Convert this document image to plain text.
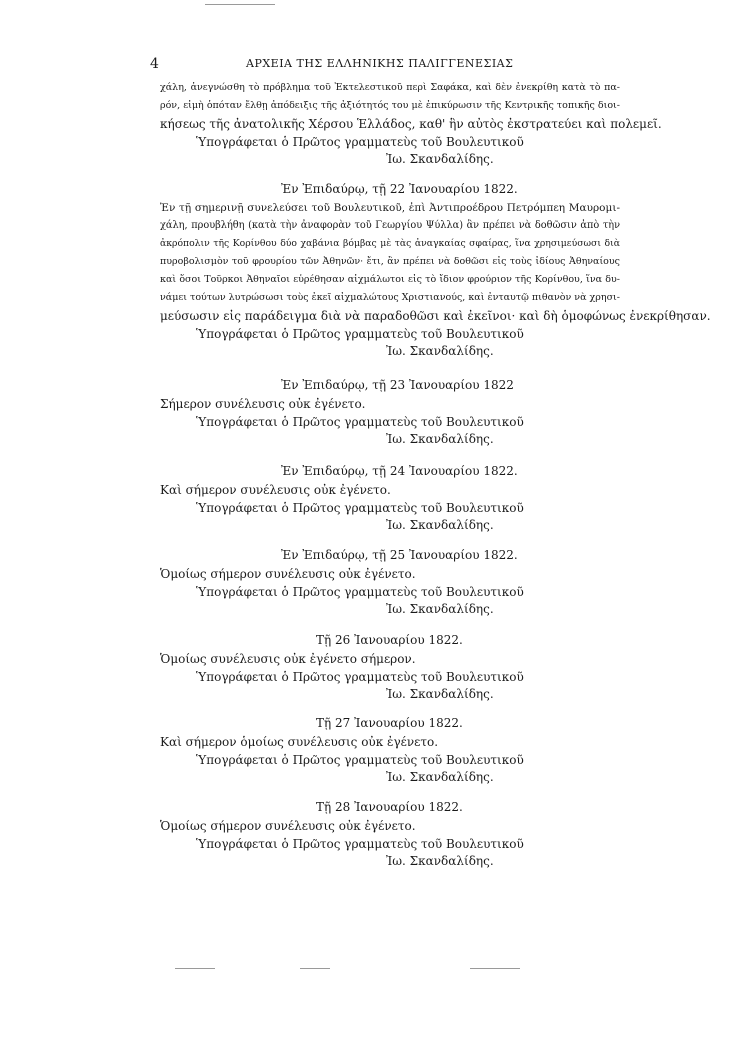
4	ΑΡΧΕΙΑ ΤΗΣ ΕΛΛΗΝΙΚΗΣ ΠΑΛΙΓΓΕΝΕΣΙΑΣ
χάλη, ἀνεγνώσθη τὸ πρόβλημα τοῦ Ἐκτελεστικοῦ περὶ Σαφάκα, καὶ δὲν ἐνεκρίθη κατὰ τὸ πα-
ρόν, εἰμὴ ὁπόταν ἔλθῃ ἀπόδειξις τῆς ἀξιότητός του μὲ ἐπικύρωσιν τῆς Κεντρικῆς τοπικῆς διοι-
κήσεως τῆς ἀνατολικῆς Χέρσου Ἑλλάδος, καθ' ἣν αὐτὸς ἐκστρατεύει καὶ πολεμεῖ.
Ὑπογράφεται ὁ Πρῶτος γραμματεὺς τοῦ Βουλευτικοῦ
Ἰω. Σκανδαλίδης.
Ἐν Ἐπιδαύρῳ, τῇ 22 Ἰανουαρίου 1822.
Ἐν τῇ σημερινῇ συνελεύσει τοῦ Βουλευτικοῦ, ἐπὶ Ἀντιπροέδρου Πετρόμπεη Μαυρομι-
χάλη, προυβλήθη (κατὰ τὴν ἀναφορὰν τοῦ Γεωργίου Ψύλλα) ἂν πρέπει νὰ δοθῶσιν ἀπὸ τὴν
ἀκρόπολιν τῆς Κορίνθου δύο χαβάνια βόμβας μὲ τὰς ἀναγκαίας σφαίρας, ἵνα χρησιμεύσωσι διὰ
πυροβολισμὸν τοῦ φρουρίου τῶν Ἀθηνῶν· ἔτι, ἂν πρέπει νὰ δοθῶσι εἰς τοὺς ἰδίους Ἀθηναίους
καὶ ὅσοι Τοῦρκοι Ἀθηναῖοι εὑρέθησαν αἰχμάλωτοι εἰς τὸ ἴδιον φρούριον τῆς Κορίνθου, ἵνα δυ-
νάμει τούτων λυτρώσωσι τοὺς ἐκεῖ αἰχμαλώτους Χριστιανούς, καὶ ἐνταυτῷ πιθανὸν νὰ χρησι-
μεύσωσιν εἰς παράδειγμα διὰ νὰ παραδοθῶσι καὶ ἐκεῖνοι· καὶ δὴ ὁμοφώνως ἐνεκρίθησαν.
Ὑπογράφεται ὁ Πρῶτος γραμματεὺς τοῦ Βουλευτικοῦ
Ἰω. Σκανδαλίδης.
Ἐν Ἐπιδαύρῳ, τῇ 23 Ἰανουαρίου 1822
Σήμερον συνέλευσις οὐκ ἐγένετο.
Ὑπογράφεται ὁ Πρῶτος γραμματεὺς τοῦ Βουλευτικοῦ
Ἰω. Σκανδαλίδης.
Ἐν Ἐπιδαύρῳ, τῇ 24 Ἰανουαρίου 1822.
Καὶ σήμερον συνέλευσις οὐκ ἐγένετο.
Ὑπογράφεται ὁ Πρῶτος γραμματεὺς τοῦ Βουλευτικοῦ
Ἰω. Σκανδαλίδης.
Ἐν Ἐπιδαύρῳ, τῇ 25 Ἰανουαρίου 1822.
Ὁμοίως σήμερον συνέλευσις οὐκ ἐγένετο.
Ὑπογράφεται ὁ Πρῶτος γραμματεὺς τοῦ Βουλευτικοῦ
Ἰω. Σκανδαλίδης.
Τῇ 26 Ἰανουαρίου 1822.
Ὁμοίως συνέλευσις οὐκ ἐγένετο σήμερον.
Ὑπογράφεται ὁ Πρῶτος γραμματεὺς τοῦ Βουλευτικοῦ
Ἰω. Σκανδαλίδης.
Τῇ 27 Ἰανουαρίου 1822.
Καὶ σήμερον ὁμοίως συνέλευσις οὐκ ἐγένετο.
Ὑπογράφεται ὁ Πρῶτος γραμματεὺς τοῦ Βουλευτικοῦ
Ἰω. Σκανδαλίδης.
Τῇ 28 Ἰανουαρίου 1822.
Ὁμοίως σήμερον συνέλευσις οὐκ ἐγένετο.
Ὑπογράφεται ὁ Πρῶτος γραμματεὺς τοῦ Βουλευτικοῦ
Ἰω. Σκανδαλίδης.
